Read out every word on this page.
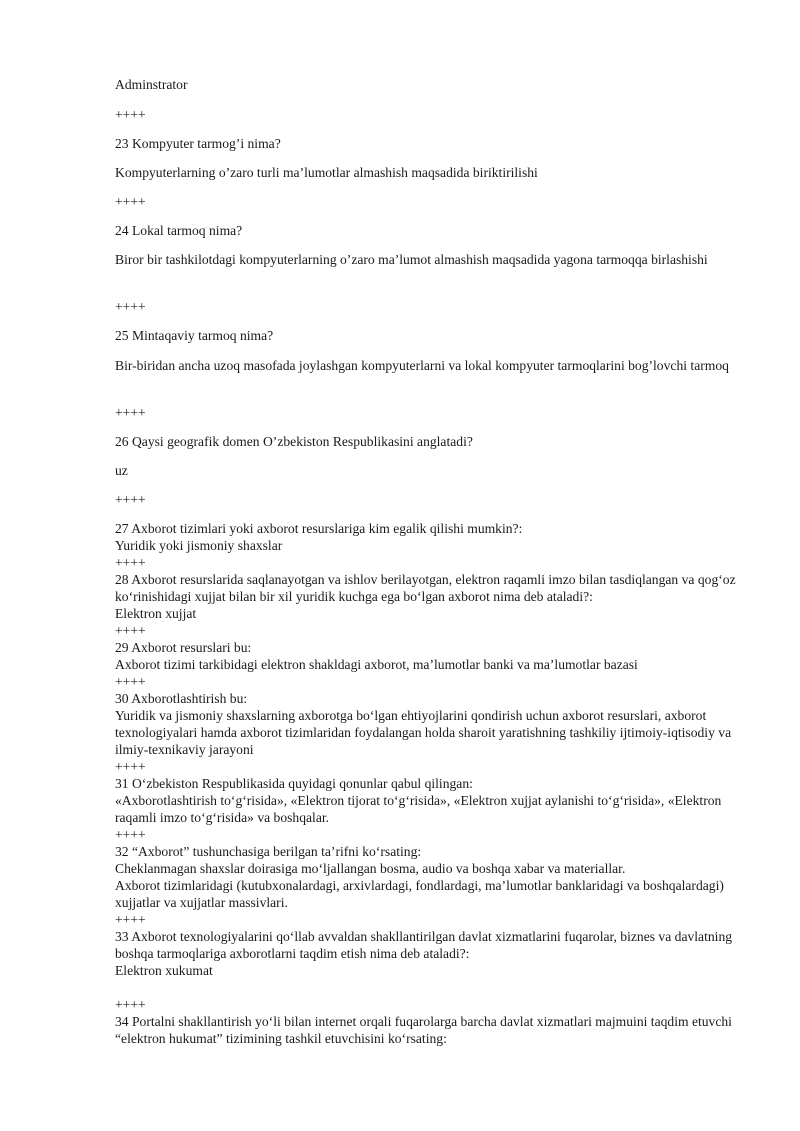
Adminstrator

++++

23 Kompyuter tarmog’i nima?

Kompyuterlarning o’zaro turli ma’lumotlar almashish maqsadida biriktirilishi

++++

24 Lokal tarmoq nima?

Biror bir tashkilotdagi kompyuterlarning o’zaro ma’lumot almashish maqsadida yagona tarmoqqa birlashishi

++++

25 Mintaqaviy tarmoq nima?

Bir-biridan ancha uzoq masofada joylashgan kompyuterlarni va lokal kompyuter tarmoqlarini bog’lovchi tarmoq

++++

26 Qaysi geografik domen O’zbekiston Respublikasini anglatadi?

uz

++++

27 Axborot tizimlari yoki axborot resurslariga kim egalik qilishi mumkin?:

Yuridik yoki jismoniy shaxslar

++++

28 Axborot resurslarida saqlanayotgan va ishlov berilayotgan, elektron raqamli imzo bilan tasdiqlangan va qog‘oz ko‘rinishidagi xujjat bilan bir xil yuridik kuchga ega bo‘lgan axborot nima deb ataladi?:

Elektron xujjat

++++

29 Axborot resurslari bu:

Axborot tizimi tarkibidagi elektron shakldagi axborot, ma’lumotlar banki va ma’lumotlar bazasi

++++

30 Axborotlashtirish bu:

Yuridik va jismoniy shaxslarning axborotga bo‘lgan ehtiyojlarini qondirish uchun axborot resurslari, axborot texnologiyalari hamda axborot tizimlaridan foydalangan holda sharoit yaratishning tashkiliy ijtimoiy-iqtisodiy va ilmiy-texnikaviy jarayoni

++++

31 O‘zbekiston Respublikasida quyidagi qonunlar qabul qilingan:

«Axborotlashtirish to‘g‘risida», «Elektron tijorat to‘g‘risida», «Elektron xujjat aylanishi to‘g‘risida», «Elektron raqamli imzo to‘g‘risida» va boshqalar.

++++

32 “Axborot” tushunchasiga berilgan ta’rifni ko‘rsating:

Cheklanmagan shaxslar doirasiga mo‘ljallangan bosma, audio va boshqa xabar va materiallar.

Axborot tizimlaridagi (kutubxonalardagi, arxivlardagi, fondlardagi, ma’lumotlar banklaridagi va boshqalardagi) xujjatlar va xujjatlar massivlari.

++++

33 Axborot texnologiyalarini qo‘llab avvaldan shakllantirilgan davlat xizmatlarini fuqarolar, biznes va davlatning boshqa tarmoqlariga axborotlarni taqdim etish nima deb ataladi?:

Elektron xukumat

++++

34 Portalni shakllantirish yo‘li bilan internet orqali fuqarolarga barcha davlat xizmatlari majmuini taqdim etuvchi “elektron hukumat” tizimining tashkil etuvchisini ko‘rsating:
